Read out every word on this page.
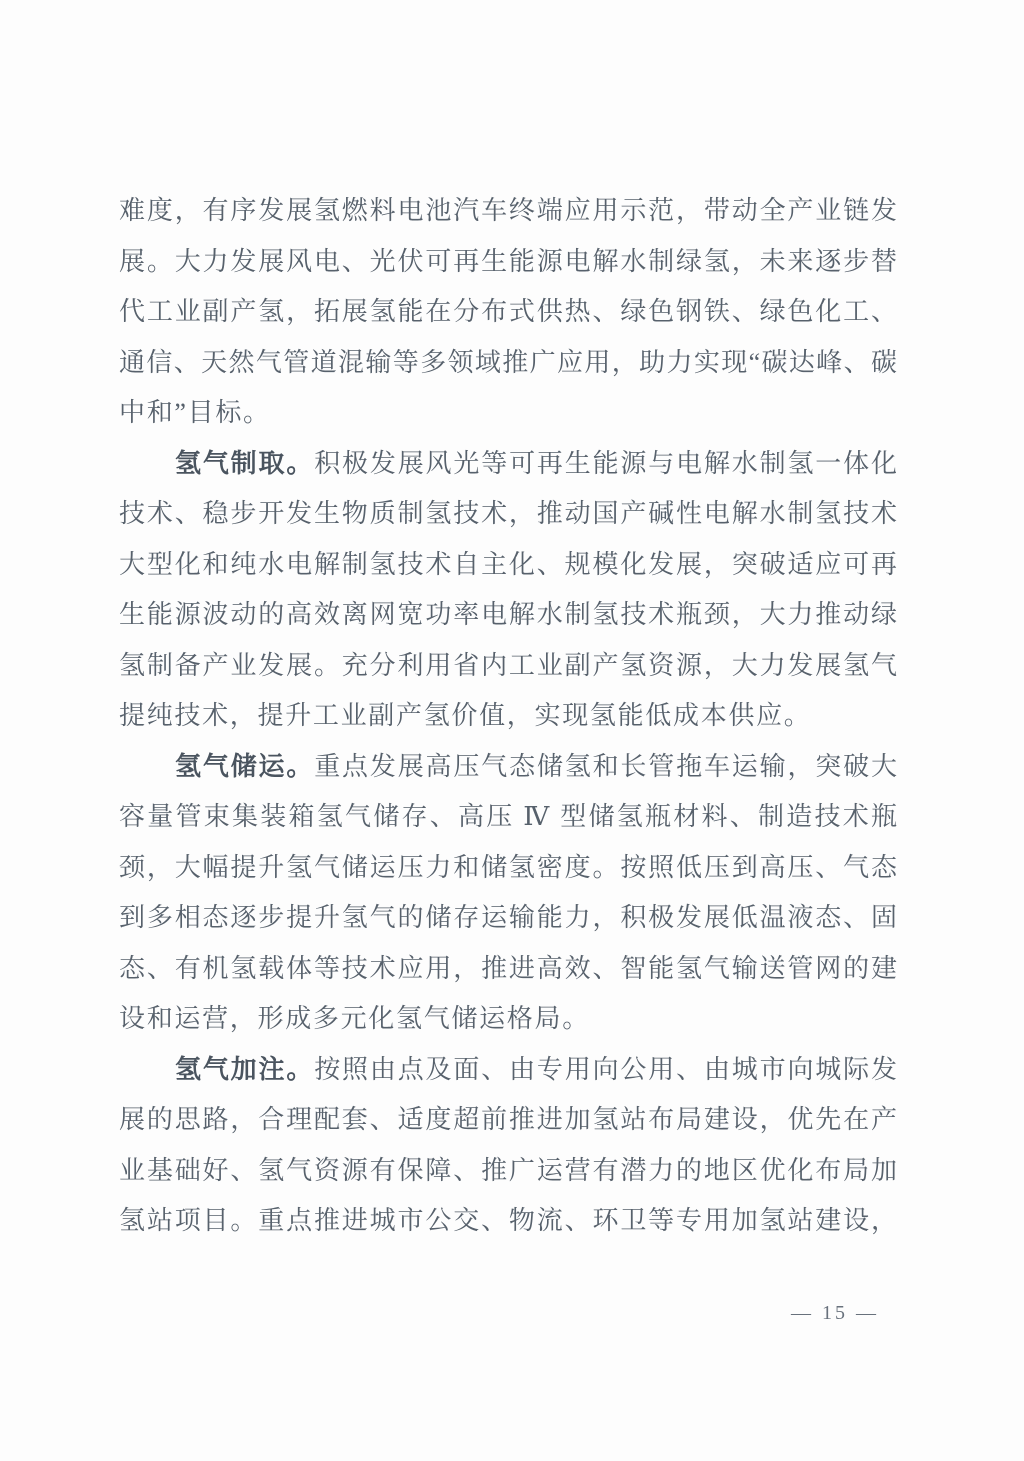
难度，有序发展氢燃料电池汽车终端应用示范，带动全产业链发
展。大力发展风电、光伏可再生能源电解水制绿氢，未来逐步替
代工业副产氢，拓展氢能在分布式供热、绿色钢铁、绿色化工、
通信、天然气管道混输等多领域推广应用，助力实现“碳达峰、碳
中和”目标。
氢气制取。积极发展风光等可再生能源与电解水制氢一体化
技术、稳步开发生物质制氢技术，推动国产碱性电解水制氢技术
大型化和纯水电解制氢技术自主化、规模化发展，突破适应可再
生能源波动的高效离网宽功率电解水制氢技术瓶颈，大力推动绿
氢制备产业发展。充分利用省内工业副产氢资源，大力发展氢气
提纯技术，提升工业副产氢价值，实现氢能低成本供应。
氢气储运。重点发展高压气态储氢和长管拖车运输，突破大
容量管束集装箱氢气储存、高压 Ⅳ 型储氢瓶材料、制造技术瓶
颈，大幅提升氢气储运压力和储氢密度。按照低压到高压、气态
到多相态逐步提升氢气的储存运输能力，积极发展低温液态、固
态、有机氢载体等技术应用，推进高效、智能氢气输送管网的建
设和运营，形成多元化氢气储运格局。
氢气加注。按照由点及面、由专用向公用、由城市向城际发
展的思路，合理配套、适度超前推进加氢站布局建设，优先在产
业基础好、氢气资源有保障、推广运营有潜力的地区优化布局加
氢站项目。重点推进城市公交、物流、环卫等专用加氢站建设，
— 15 —
